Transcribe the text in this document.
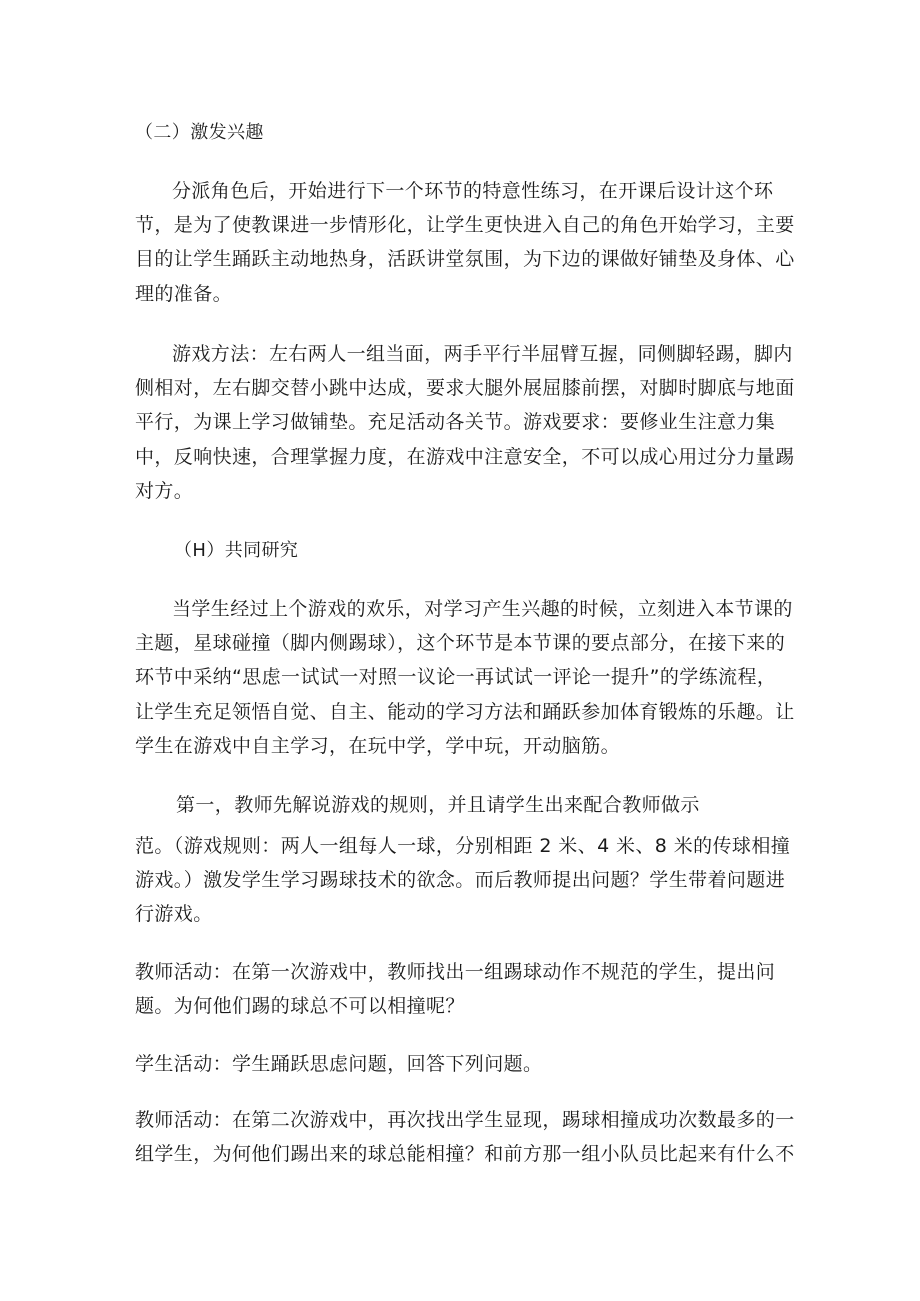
（二）激发兴趣
分派角色后，开始进行下一个环节的特意性练习，在开课后设计这个环
节，是为了使教课进一步情形化，让学生更快进入自己的角色开始学习，主要
目的让学生踊跃主动地热身，活跃讲堂氛围，为下边的课做好铺垫及身体、心
理的准备。
游戏方法：左右两人一组当面，两手平行半屈臂互握，同侧脚轻踢，脚内
侧相对，左右脚交替小跳中达成，要求大腿外展屈膝前摆，对脚时脚底与地面
平行，为课上学习做铺垫。充足活动各关节。游戏要求：要修业生注意力集
中，反响快速，合理掌握力度，在游戏中注意安全，不可以成心用过分力量踢
对方。
（H）共同研究
当学生经过上个游戏的欢乐，对学习产生兴趣的时候，立刻进入本节课的
主题，星球碰撞（脚内侧踢球），这个环节是本节课的要点部分，在接下来的
环节中采纳“思虑一试试一对照一议论一再试试一评论一提升”的学练流程，
让学生充足领悟自觉、自主、能动的学习方法和踊跃参加体育锻炼的乐趣。让
学生在游戏中自主学习，在玩中学，学中玩，开动脑筋。
第一，教师先解说游戏的规则，并且请学生出来配合教师做示
范。（游戏规则：两人一组每人一球，分别相距 2 米、4 米、8 米的传球相撞
游戏。）激发学生学习踢球技术的欲念。而后教师提出问题？学生带着问题进
行游戏。
教师活动：在第一次游戏中，教师找出一组踢球动作不规范的学生，提出问
题。为何他们踢的球总不可以相撞呢？
学生活动：学生踊跃思虑问题，回答下列问题。
教师活动：在第二次游戏中，再次找出学生显现，踢球相撞成功次数最多的一
组学生，为何他们踢出来的球总能相撞？和前方那一组小队员比起来有什么不
